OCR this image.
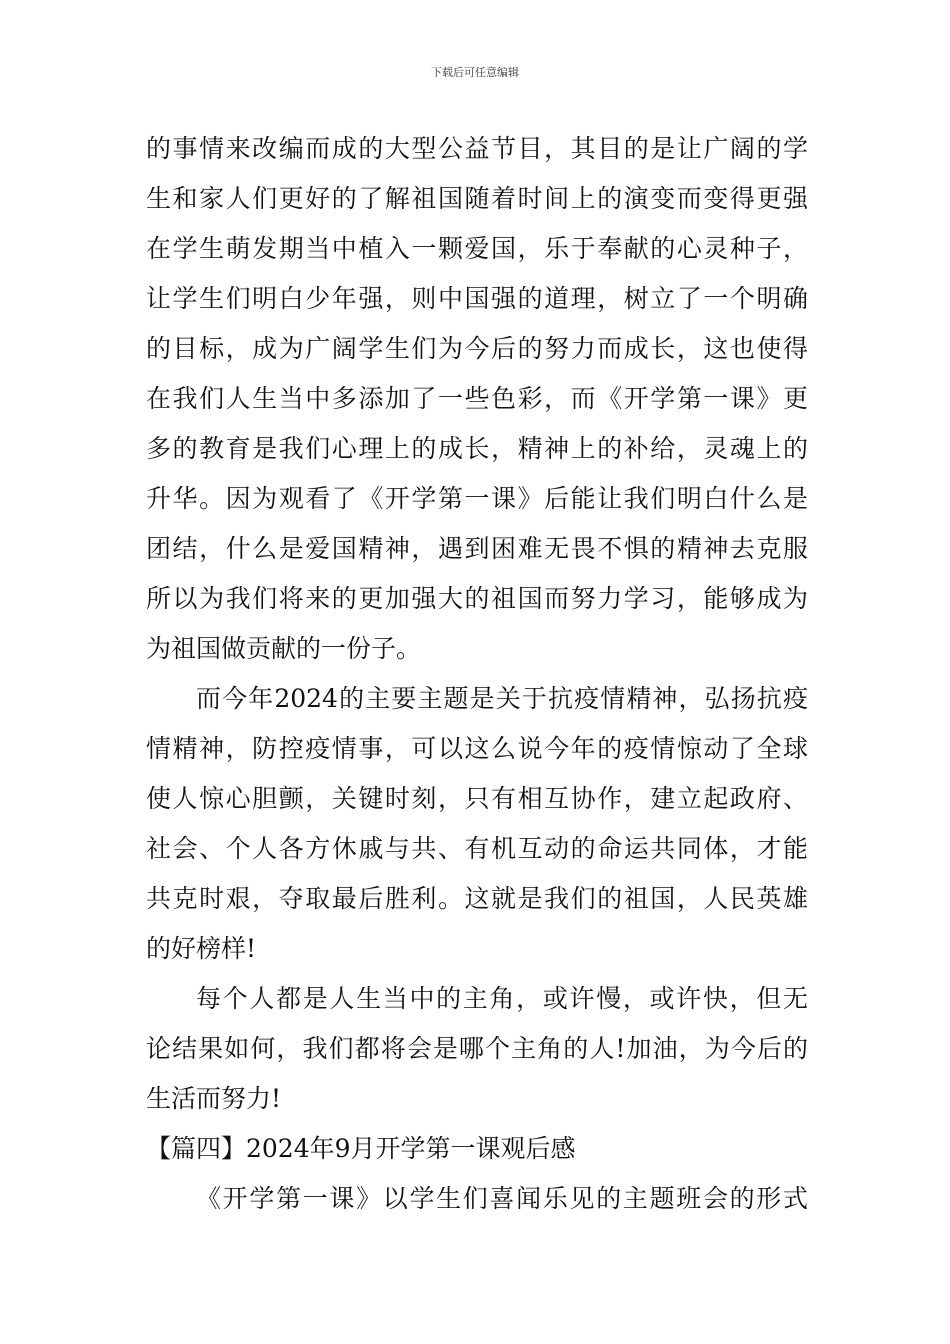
下载后可任意编辑
的事情来改编而成的大型公益节目，其目的是让广阔的学
生和家人们更好的了解祖国随着时间上的演变而变得更强
在学生萌发期当中植入一颗爱国，乐于奉献的心灵种子，
让学生们明白少年强，则中国强的道理，树立了一个明确
的目标，成为广阔学生们为今后的努力而成长，这也使得
在我们人生当中多添加了一些色彩，而《开学第一课》更
多的教育是我们心理上的成长，精神上的补给，灵魂上的
升华。因为观看了《开学第一课》后能让我们明白什么是
团结，什么是爱国精神，遇到困难无畏不惧的精神去克服
所以为我们将来的更加强大的祖国而努力学习，能够成为
为祖国做贡献的一份子。
而今年2024的主要主题是关于抗疫情精神，弘扬抗疫
情精神，防控疫情事，可以这么说今年的疫情惊动了全球
使人惊心胆颤，关键时刻，只有相互协作，建立起政府、
社会、个人各方休戚与共、有机互动的命运共同体，才能
共克时艰，夺取最后胜利。这就是我们的祖国，人民英雄
的好榜样!
每个人都是人生当中的主角，或许慢，或许快，但无
论结果如何，我们都将会是哪个主角的人!加油，为今后的
生活而努力!
【篇四】2024年9月开学第一课观后感
《开学第一课》以学生们喜闻乐见的主题班会的形式
